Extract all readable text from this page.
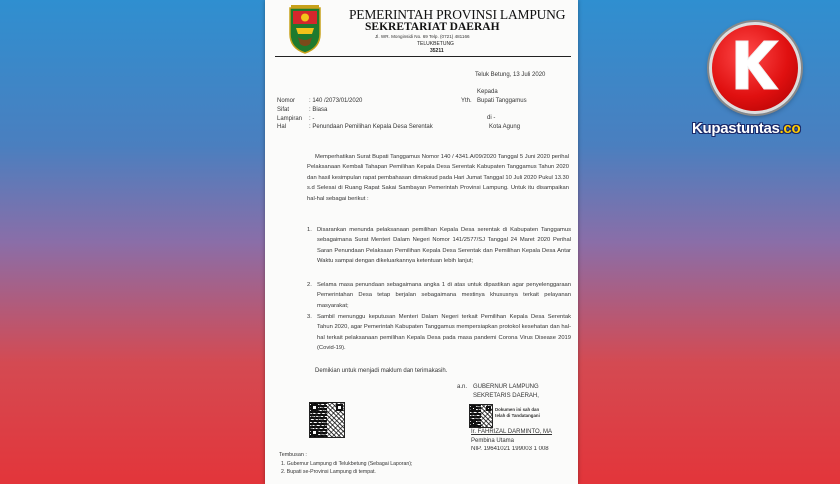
PEMERINTAH PROVINSI LAMPUNG
SEKRETARIAT DAERAH
Jl. WR. Monginsidi No. 69 Telp. (0721) 481166
TELUKBETUNG
35211
Teluk Betung, 13 Juli 2020
Kepada
Nomor : 140 /2073/01/2020
Sifat	: Biasa
Lampiran : -
Hal	: Penundaan Pemilihan Kepala Desa Serentak
Yth. Bupati Tanggamus
di -
Kota Agung

Memperhatikan Surat Bupati Tanggamus Nomor 140 / 4341.A/09/2020 Tanggal 5 Juni 2020 perihal Pelaksanaan Kembali Tahapan Pemilihan Kepala Desa Serentak Kabupaten Tanggamus Tahun 2020 dan hasil kesimpulan rapat pembahasan dimaksud pada Hari Jumat Tanggal 10 Juli 2020 Pukul 13.30 s.d Selesai di Ruang Rapat Sakai Sambayan Pemerintah Provinsi Lampung. Untuk itu disampaikan hal-hal sebagai berikut :

1. Disarankan menunda pelaksanaan pemilihan Kepala Desa serentak di Kabupaten Tanggamus sebagaimana Surat Menteri Dalam Negeri Nomor 141/2577/SJ Tanggal 24 Maret 2020 Perihal Saran Penundaan Pelaksaan Pemilihan Kepala Desa Serentak dan Pemilihan Kepala Desa Antar Waktu sampai dengan dikeluarkannya ketentuan lebih lanjut;
2. Selama masa penundaan sebagaimana angka 1 di atas untuk dipastikan agar penyelenggaraan Pemerintahan Desa tetap berjalan sebagaimana mestinya khususnya terkait pelayanan masyarakat;
3. Sambil menunggu keputusan Menteri Dalam Negeri terkait Pemilihan Kepala Desa Serentak Tahun 2020, agar Pemerintah Kabupaten Tanggamus mempersiapkan protokol kesehatan dan hal-hal terkait pelaksanaan pemilihan Kepala Desa pada masa pandemi Corona Virus Disease 2019 (Covid-19).
Demikian untuk menjadi maklum dan terimakasih.
a.n. GUBERNUR LAMPUNG
SEKRETARIS DAERAH,
Dokumen ini sah dan
telah di Tandatangani
Ir. FAHRIZAL DARMINTO, MA
Pembina Utama
NIP. 19641021 199003 1 008
Tembusan :
1. Gubernur Lampung di Telukbetung (Sebagai Laporan);
2. Bupati se-Provinsi Lampung di tempat.
Kupastuntas.co
